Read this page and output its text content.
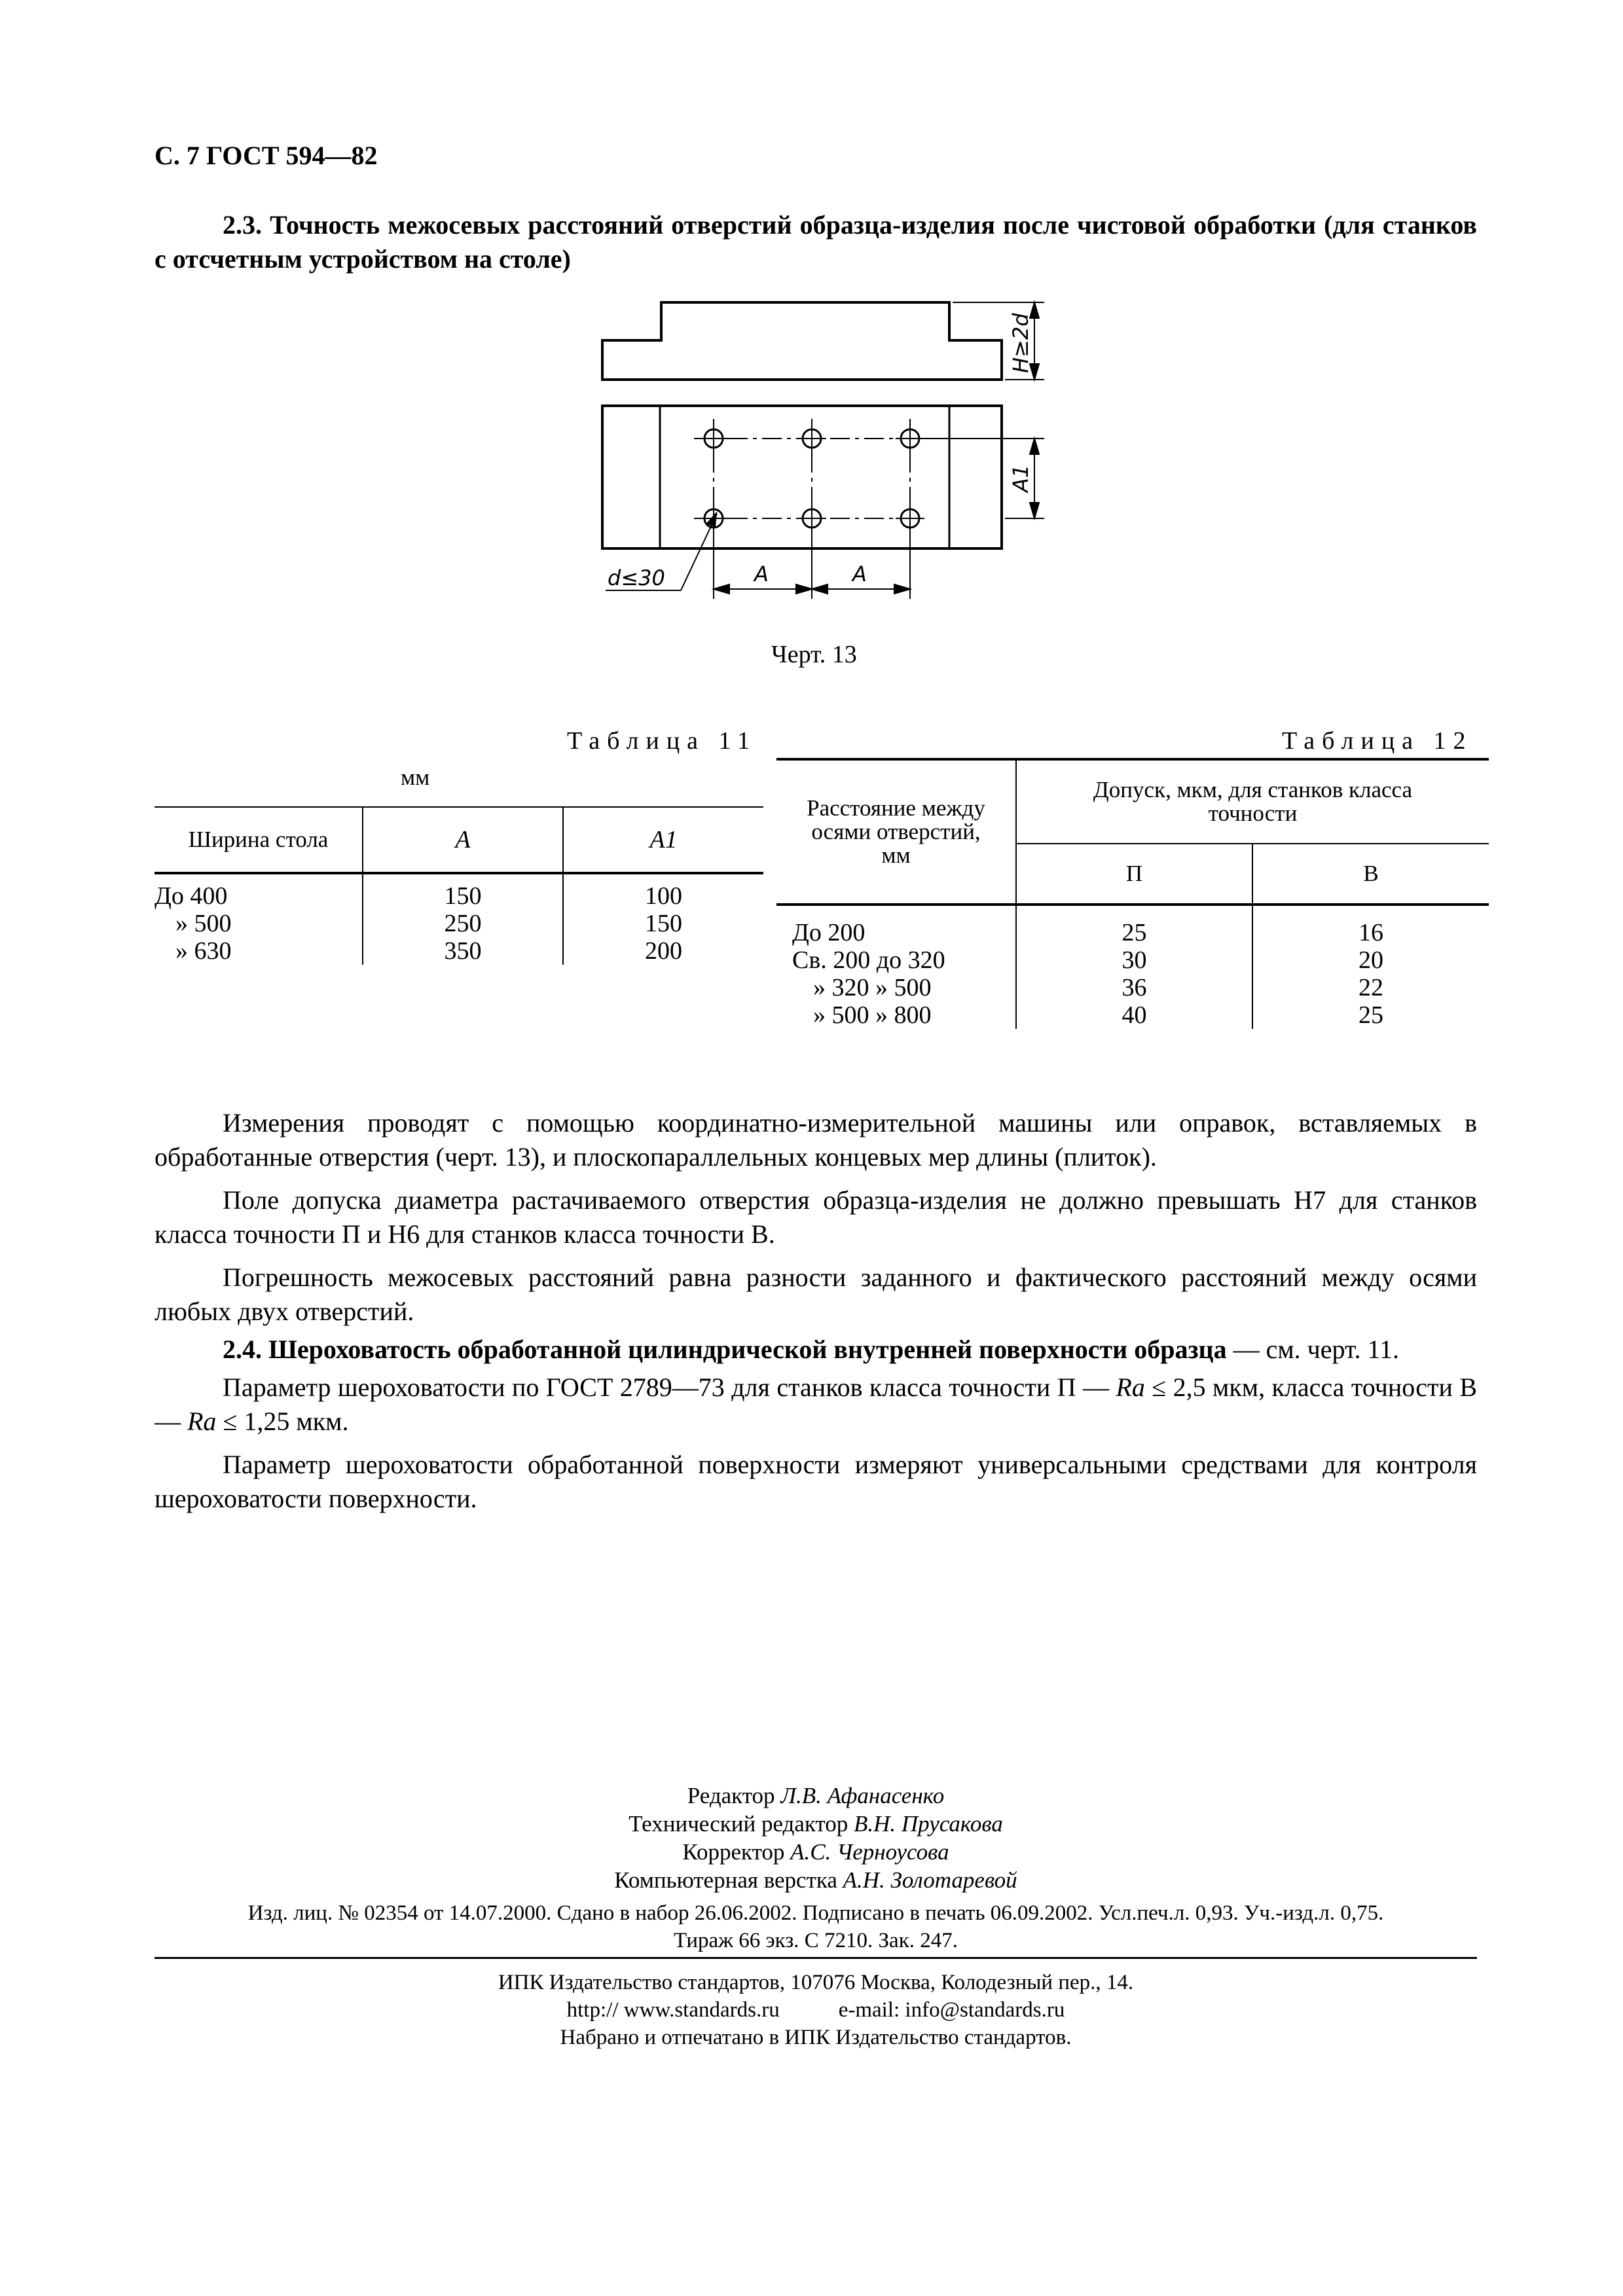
С. 7 ГОСТ 594—82
2.3. Точность межосевых расстояний отверстий образца-изделия после чистовой обработки (для станков с отсчетным устройством на столе)
H≥2d
A1
d≤30	A	A
Черт. 13
Таблица 11
мм
Ширина стола	A	A1
До 400	150	100
» 500	250	150
» 630	350	200
Таблица 12
Расстояние между осями отверстий, мм	Допуск, мкм, для станков класса точности	
	П	В
До 200	25	16
Св. 200 до 320	30	20
» 320 » 500	36	22
» 500 » 800	40	25

Измерения проводят с помощью координатно-измерительной машины или оправок, вставляемых в обработанные отверстия (черт. 13), и плоскопараллельных концевых мер длины (плиток).

Поле допуска диаметра растачиваемого отверстия образца-изделия не должно превышать Н7 для станков класса точности П и Н6 для станков класса точности В.

Погрешность межосевых расстояний равна разности заданного и фактического расстояний между осями любых двух отверстий.

2.4. Шероховатость обработанной цилиндрической внутренней поверхности образца — см. черт. 11.

Параметр шероховатости по ГОСТ 2789—73 для станков класса точности П — Ra ≤ 2,5 мкм, класса точности В — Ra ≤ 1,25 мкм.

Параметр шероховатости обработанной поверхности измеряют универсальными средствами для контроля шероховатости поверхности.

Редактор Л.В. Афанасенко
Технический редактор В.Н. Прусакова
Корректор А.С. Черноусова
Компьютерная верстка А.Н. Золотаревой
Изд. лиц. № 02354 от 14.07.2000. Сдано в набор 26.06.2002. Подписано в печать 06.09.2002. Усл.печ.л. 0,93. Уч.-изд.л. 0,75.
Тираж 66 экз. С 7210. Зак. 247.
ИПК Издательство стандартов, 107076 Москва, Колодезный пер., 14.
http:// www.standards.ru	e-mail: info@standards.ru
Набрано и отпечатано в ИПК Издательство стандартов.
